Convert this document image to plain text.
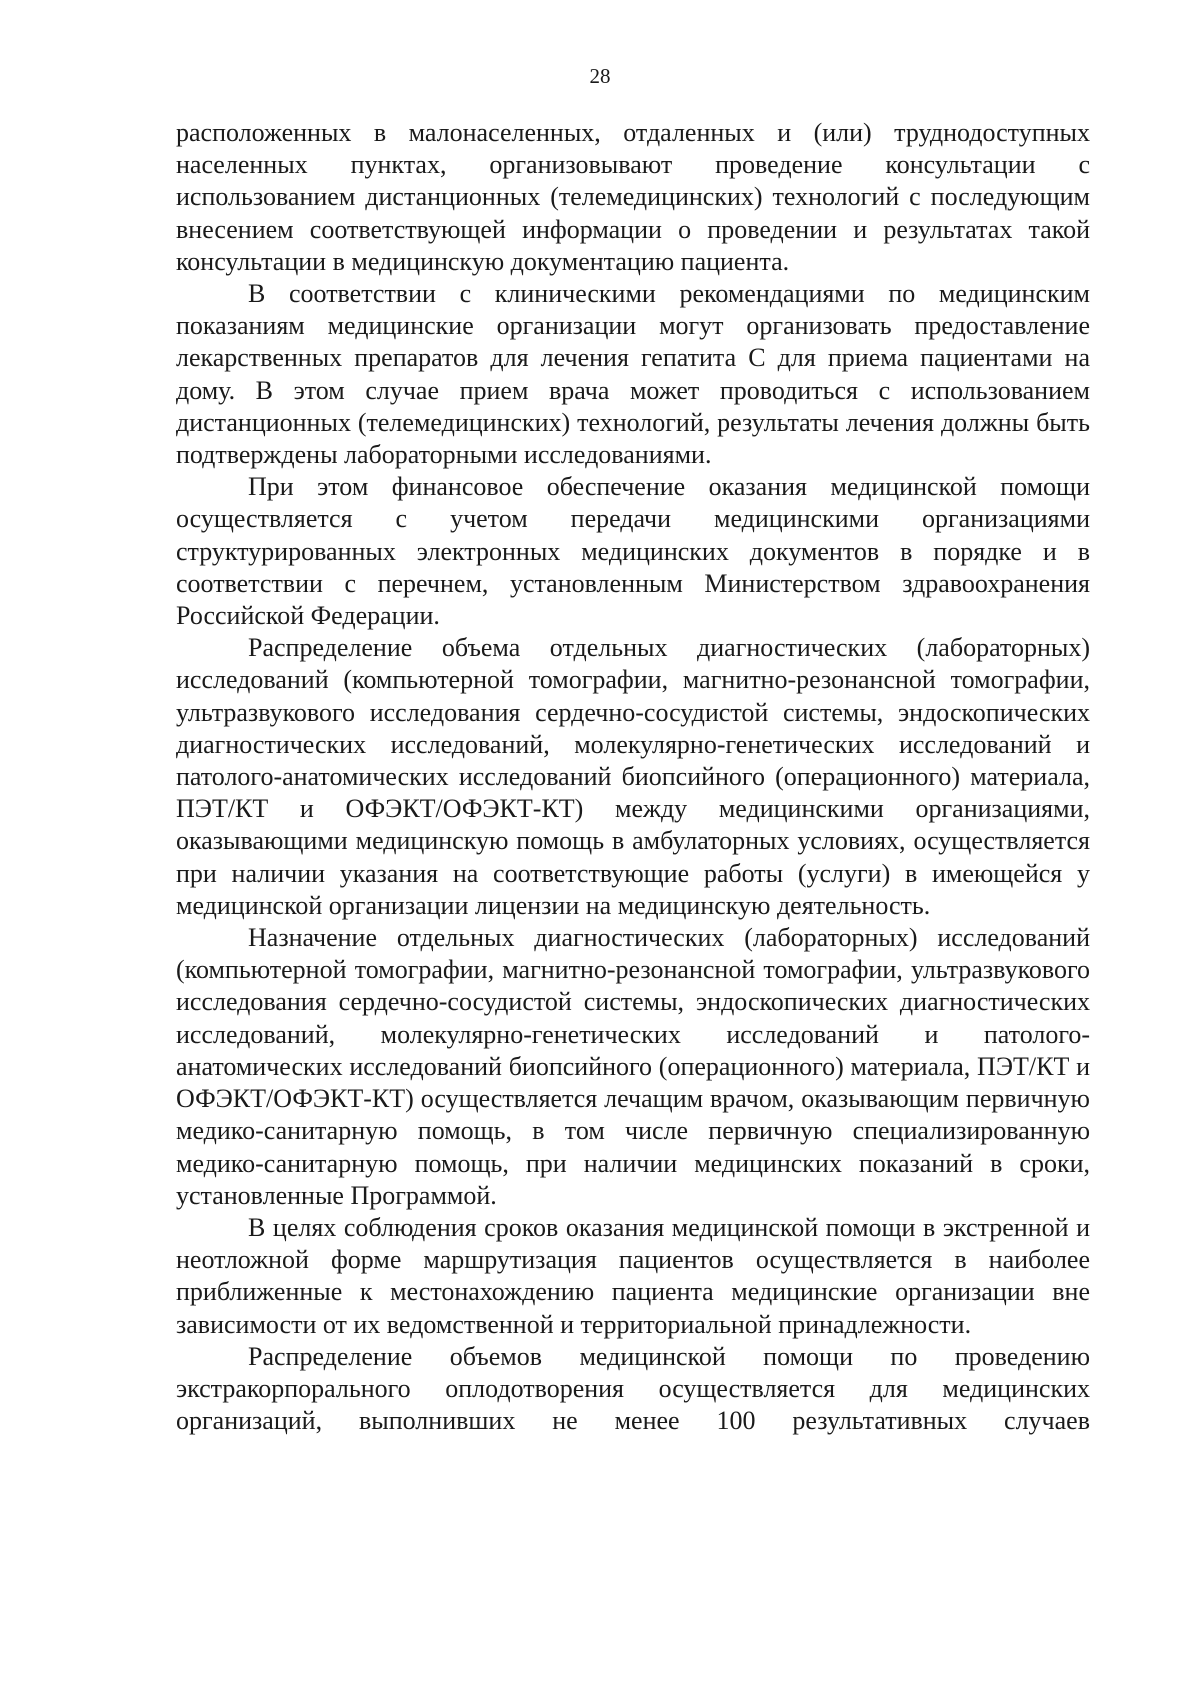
28

расположенных в малонаселенных, отдаленных и (или) труднодоступных населенных пунктах, организовывают проведение консультации с использованием дистанционных (телемедицинских) технологий с последующим внесением соответствующей информации о проведении и результатах такой консультации в медицинскую документацию пациента.

В соответствии с клиническими рекомендациями по медицинским показаниям медицинские организации могут организовать предоставление лекарственных препаратов для лечения гепатита С для приема пациентами на дому. В этом случае прием врача может проводиться с использованием дистанционных (телемедицинских) технологий, результаты лечения должны быть подтверждены лабораторными исследованиями.

При этом финансовое обеспечение оказания медицинской помощи осуществляется с учетом передачи медицинскими организациями структурированных электронных медицинских документов в порядке и в соответствии с перечнем, установленным Министерством здравоохранения Российской Федерации.

Распределение объема отдельных диагностических (лабораторных) исследований (компьютерной томографии, магнитно-резонансной томографии, ультразвукового исследования сердечно-сосудистой системы, эндоскопических диагностических исследований, молекулярно-генетических исследований и патолого-анатомических исследований биопсийного (операционного) материала, ПЭТ/КТ и ОФЭКТ/ОФЭКТ-КТ) между медицинскими организациями, оказывающими медицинскую помощь в амбулаторных условиях, осуществляется при наличии указания на соответствующие работы (услуги) в имеющейся у медицинской организации лицензии на медицинскую деятельность.

Назначение отдельных диагностических (лабораторных) исследований (компьютерной томографии, магнитно-резонансной томографии, ультразвукового исследования сердечно-сосудистой системы, эндоскопических диагностических исследований, молекулярно-генетических исследований и патолого-анатомических исследований биопсийного (операционного) материала, ПЭТ/КТ и ОФЭКТ/ОФЭКТ-КТ) осуществляется лечащим врачом, оказывающим первичную медико-санитарную помощь, в том числе первичную специализированную медико-санитарную помощь, при наличии медицинских показаний в сроки, установленные Программой.

В целях соблюдения сроков оказания медицинской помощи в экстренной и неотложной форме маршрутизация пациентов осуществляется в наиболее приближенные к местонахождению пациента медицинские организации вне зависимости от их ведомственной и территориальной принадлежности.

Распределение объемов медицинской помощи по проведению экстракорпорального оплодотворения осуществляется для медицинских организаций, выполнивших не менее 100 результативных случаев
